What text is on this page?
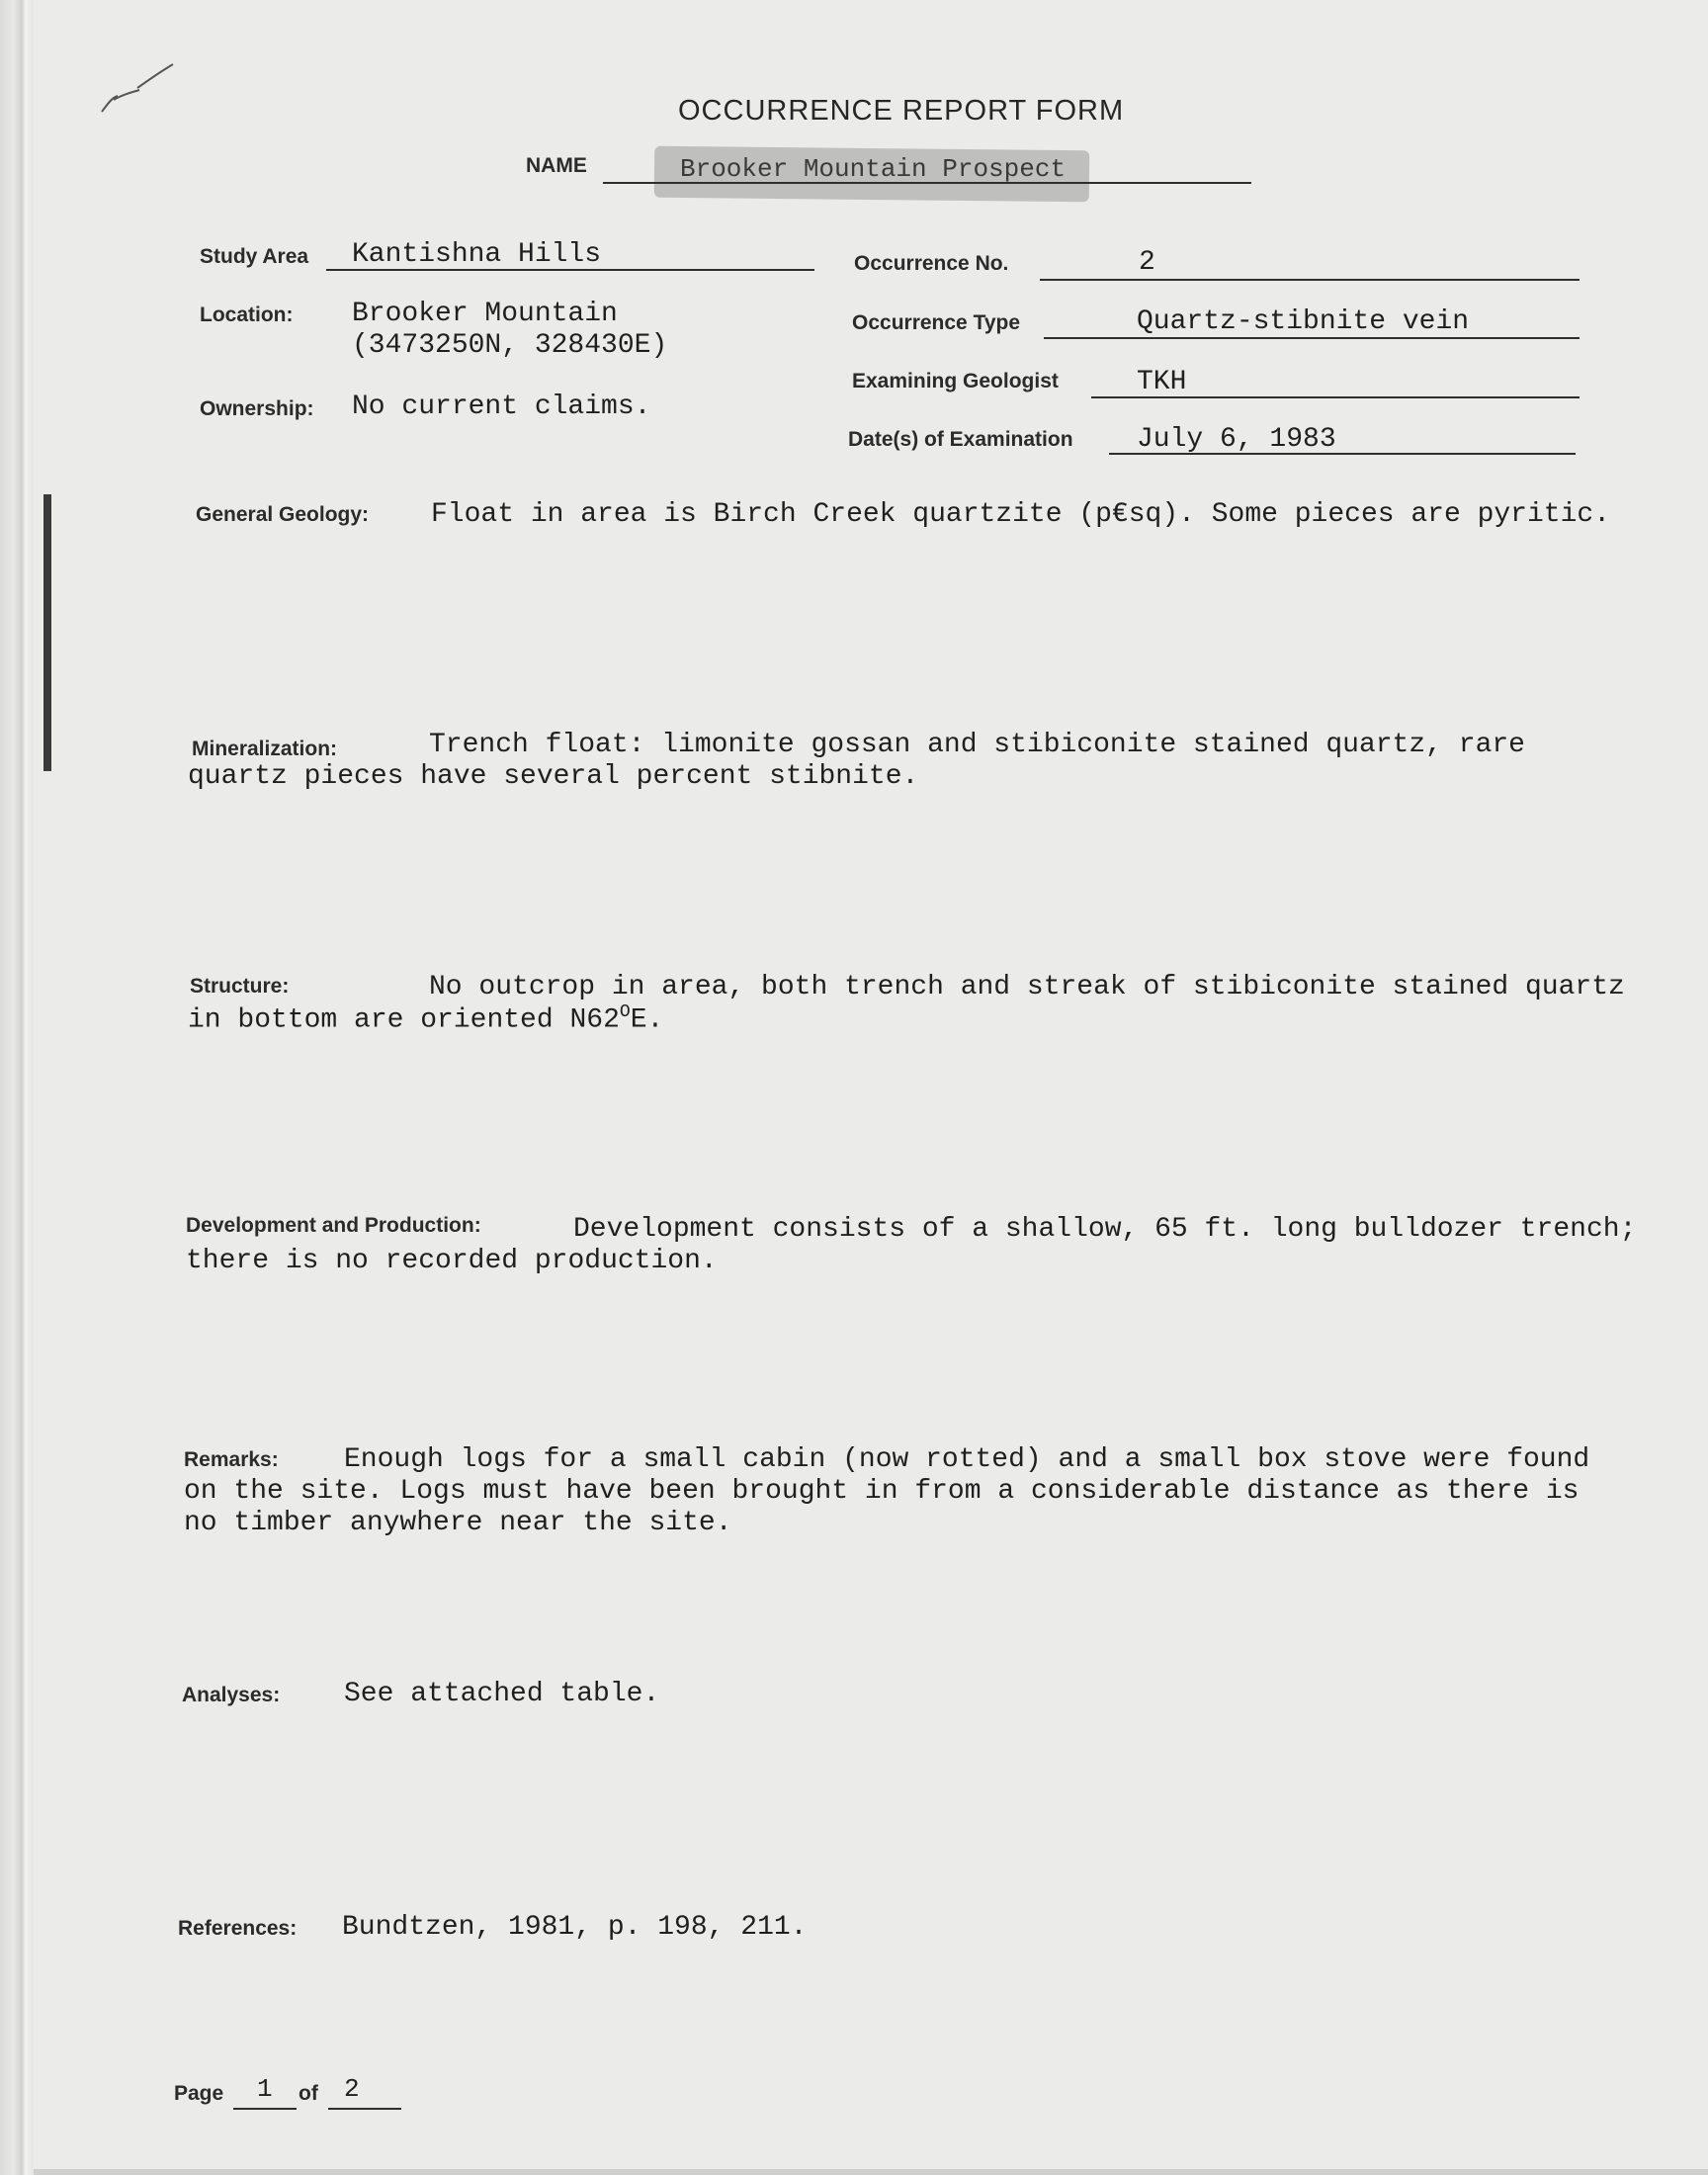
OCCURRENCE REPORT FORM
NAME	Brooker Mountain Prospect
Study Area Kantishna Hills
Location: Brooker Mountain
(3473250N, 328430E)
Ownership: No current claims.
Occurrence No.	2
Occurrence Type	Quartz-stibnite vein
Examining Geologist	TKH
Date(s) of Examination July 6, 1983
General Geology: Float in area is Birch Creek quartzite (p€sq). Some pieces are pyritic.
Mineralization:	Trench float: limonite gossan and stibiconite stained quartz, rare
quartz pieces have several percent stibnite.
Structure:	No outcrop in area, both trench and streak of stibiconite stained quartz
in bottom are oriented $N62^OE$.
Development and Production:	Development consists of a shallow, 65 ft. long bulldozer trench;
there is no recorded production.
Remarks: Enough logs for a small cabin (now rotted) and a small box stove were found
on the site. Logs must have been brought in from a considerable distance as there is
no timber anywhere near the site.
Analyses: See attached table.
References: Bundtzen, 1981, p. 198, 211.
Page 1 of 2
